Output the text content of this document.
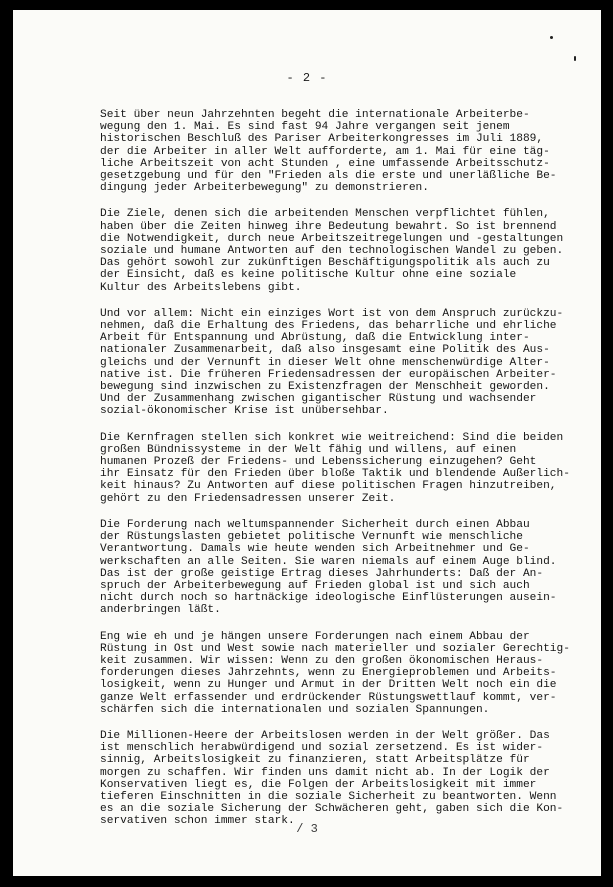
- 2 -
Seit über neun Jahrzehnten begeht die internationale Arbeiterbe-
wegung den 1. Mai. Es sind fast 94 Jahre vergangen seit jenem
historischen Beschluß des Pariser Arbeiterkongresses im Juli 1889,
der die Arbeiter in aller Welt aufforderte, am 1. Mai für eine täg-
liche Arbeitszeit von acht Stunden , eine umfassende Arbeitsschutz-
gesetzgebung und für den "Frieden als die erste und unerläßliche Be-
dingung jeder Arbeiterbewegung" zu demonstrieren.
Die Ziele, denen sich die arbeitenden Menschen verpflichtet fühlen,
haben über die Zeiten hinweg ihre Bedeutung bewahrt. So ist brennend
die Notwendigkeit, durch neue Arbeitszeitregelungen und -gestaltungen
soziale und humane Antworten auf den technologischen Wandel zu geben.
Das gehört sowohl zur zukünftigen Beschäftigungspolitik als auch zu
der Einsicht, daß es keine politische Kultur ohne eine soziale
Kultur des Arbeitslebens gibt.
Und vor allem: Nicht ein einziges Wort ist von dem Anspruch zurückzu-
nehmen, daß die Erhaltung des Friedens, das beharrliche und ehrliche
Arbeit für Entspannung und Abrüstung, daß die Entwicklung inter-
nationaler Zusammenarbeit, daß also insgesamt eine Politik des Aus-
gleichs und der Vernunft in dieser Welt ohne menschenwürdige Alter-
native ist. Die früheren Friedensadressen der europäischen Arbeiter-
bewegung sind inzwischen zu Existenzfragen der Menschheit geworden.
Und der Zusammenhang zwischen gigantischer Rüstung und wachsender
sozial-ökonomischer Krise ist unübersehbar.
Die Kernfragen stellen sich konkret wie weitreichend: Sind die beiden
großen Bündnissysteme in der Welt fähig und willens, auf einen
humanen Prozeß der Friedens- und Lebenssicherung einzugehen? Geht
ihr Einsatz für den Frieden über bloße Taktik und blendende Äußerlich-
keit hinaus? Zu Antworten auf diese politischen Fragen hinzutreiben,
gehört zu den Friedensadressen unserer Zeit.
Die Forderung nach weltumspannender Sicherheit durch einen Abbau
der Rüstungslasten gebietet politische Vernunft wie menschliche
Verantwortung. Damals wie heute wenden sich Arbeitnehmer und Ge-
werkschaften an alle Seiten. Sie waren niemals auf einem Auge blind.
Das ist der große geistige Ertrag dieses Jahrhunderts: Daß der An-
spruch der Arbeiterbewegung auf Frieden global ist und sich auch
nicht durch noch so hartnäckige ideologische Einflüsterungen ausein-
anderbringen läßt.
Eng wie eh und je hängen unsere Forderungen nach einem Abbau der
Rüstung in Ost und West sowie nach materieller und sozialer Gerechtig-
keit zusammen. Wir wissen: Wenn zu den großen ökonomischen Heraus-
forderungen dieses Jahrzehnts, wenn zu Energieproblemen und Arbeits-
losigkeit, wenn zu Hunger und Armut in der Dritten Welt noch ein die
ganze Welt erfassender und erdrückender Rüstungswettlauf kommt, ver-
schärfen sich die internationalen und sozialen Spannungen.
Die Millionen-Heere der Arbeitslosen werden in der Welt größer. Das
ist menschlich herabwürdigend und sozial zersetzend. Es ist wider-
sinnig, Arbeitslosigkeit zu finanzieren, statt Arbeitsplätze für
morgen zu schaffen. Wir finden uns damit nicht ab. In der Logik der
Konservativen liegt es, die Folgen der Arbeitslosigkeit mit immer
tieferen Einschnitten in die soziale Sicherheit zu beantworten. Wenn
es an die soziale Sicherung der Schwächeren geht, gaben sich die Kon-
servativen schon immer stark.
/ 3
